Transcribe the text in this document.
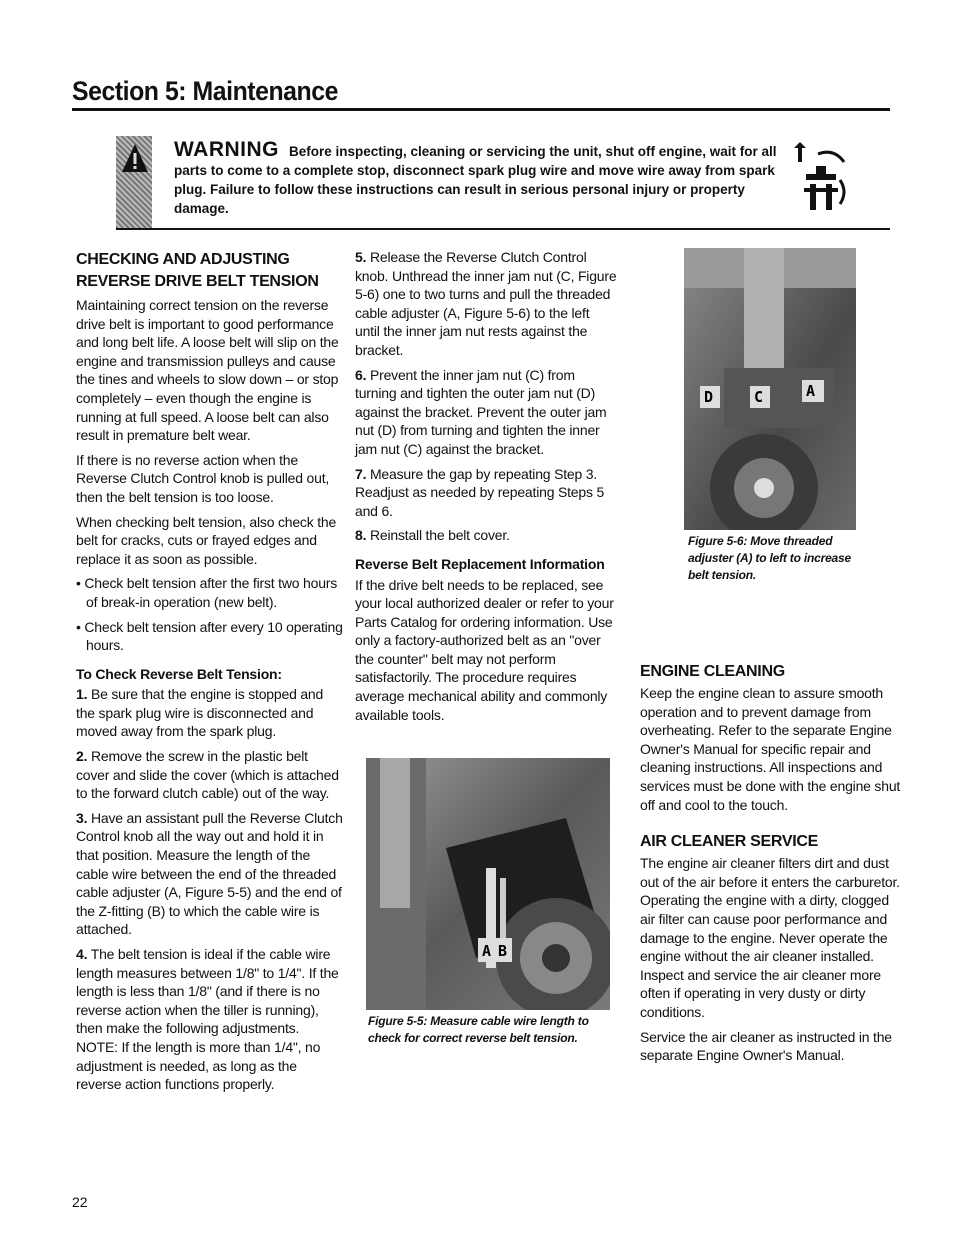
Section 5: Maintenance
WARNING Before inspecting, cleaning or servicing the unit, shut off engine, wait for all parts to come to a complete stop, disconnect spark plug wire and move wire away from spark plug. Failure to follow these instructions can result in serious personal injury or property damage.
CHECKING AND ADJUSTING
REVERSE DRIVE BELT TENSION

Maintaining correct tension on the reverse drive belt is important to good performance and long belt life. A loose belt will slip on the engine and transmission pulleys and cause the tines and wheels to slow down – or stop completely – even though the engine is running at full speed. A loose belt can also result in premature belt wear.

If there is no reverse action when the Reverse Clutch Control knob is pulled out, then the belt tension is too loose.

When checking belt tension, also check the belt for cracks, cuts or frayed edges and replace it as soon as possible.

• Check belt tension after the first two hours of break-in operation (new belt).

• Check belt tension after every 10 operating hours.

To Check Reverse Belt Tension:

1. Be sure that the engine is stopped and the spark plug wire is disconnected and moved away from the spark plug.

2. Remove the screw in the plastic belt cover and slide the cover (which is attached to the forward clutch cable) out of the way.

3. Have an assistant pull the Reverse Clutch Control knob all the way out and hold it in that position. Measure the length of the cable wire between the end of the threaded cable adjuster (A, Figure 5-5) and the end of the Z-fitting (B) to which the cable wire is attached.

4. The belt tension is ideal if the cable wire length measures between 1/8" to 1/4". If the length is less than 1/8" (and if there is no reverse action when the tiller is running), then make the following adjustments. NOTE: If the length is more than 1/4", no adjustment is needed, as long as the reverse action functions properly.

5. Release the Reverse Clutch Control knob. Unthread the inner jam nut (C, Figure 5-6) one to two turns and pull the threaded cable adjuster (A, Figure 5-6) to the left until the inner jam nut rests against the bracket.

6. Prevent the inner jam nut (C) from turning and tighten the outer jam nut (D) against the bracket. Prevent the outer jam nut (D) from turning and tighten the inner jam nut (C) against the bracket.

7. Measure the gap by repeating Step 3. Readjust as needed by repeating Steps 5 and 6.

8. Reinstall the belt cover.

Reverse Belt Replacement Information

If the drive belt needs to be replaced, see your local authorized dealer or refer to your Parts Catalog for ordering information. Use only a factory-authorized belt as an "over the counter" belt may not perform satisfactorily. The procedure requires average mechanical ability and commonly available tools.

A B
Figure 5-5: Measure cable wire length to check for correct reverse belt tension.
D	C	A
Figure 5-6: Move threaded adjuster (A) to left to increase belt tension.
ENGINE CLEANING

Keep the engine clean to assure smooth operation and to prevent damage from overheating. Refer to the separate Engine Owner's Manual for specific repair and cleaning instructions. All inspections and services must be done with the engine shut off and cool to the touch.

AIR CLEANER SERVICE

The engine air cleaner filters dirt and dust out of the air before it enters the carburetor. Operating the engine with a dirty, clogged air filter can cause poor performance and damage to the engine. Never operate the engine without the air cleaner installed. Inspect and service the air cleaner more often if operating in very dusty or dirty conditions.

Service the air cleaner as instructed in the separate Engine Owner's Manual.

22
